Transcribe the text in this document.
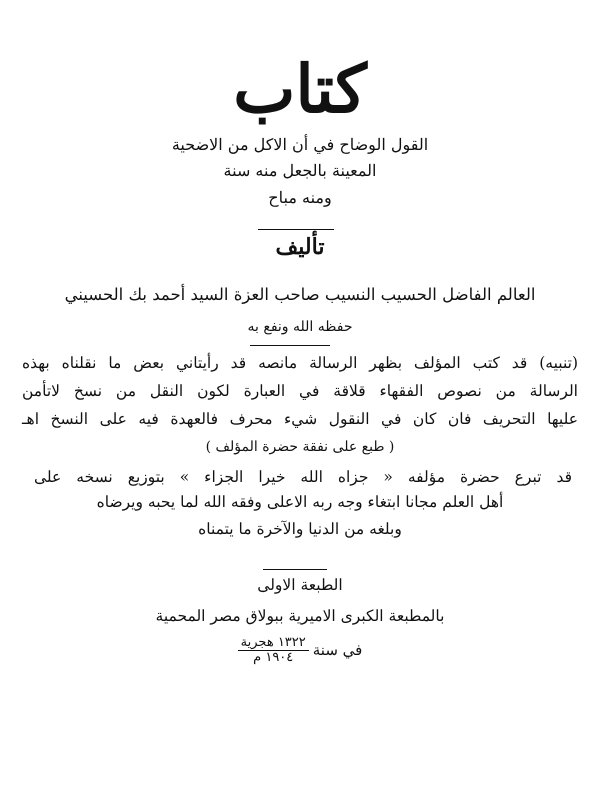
كتاب
القول الوضاح في أن الاكل من الاضحية
المعينة بالجعل منه سنة
ومنه مباح
تأليف
العالم الفاضل الحسيب النسيب صاحب العزة السيد أحمد بك الحسيني
حفظه الله ونفع به
(تنبيه) قد كتب المؤلف بظهر الرسالة مانصه قد رأيتاني بعض ما نقلناه بهذه
الرسالة من نصوص الفقهاء قلاقة في العبارة لكون النقل من نسخ لاتأمن
عليها التحريف فان كان في النقول شيء محرف فالعهدة فيه على النسخ اهـ
( طبع على نفقة حضرة المؤلف )
قد تبرع حضرة مؤلفه « جزاه الله خيرا الجزاء » بتوزيع نسخه على
أهل العلم مجانا ابتغاء وجه ربه الاعلى وفقه الله لما يحبه ويرضاه
وبلغه من الدنيا والآخرة ما يتمناه
الطبعة الاولى
بالمطبعة الكبرى الاميرية ببولاق مصر المحمية
في سنة
١٣٢٢ هجرية
١٩٠٤ م
